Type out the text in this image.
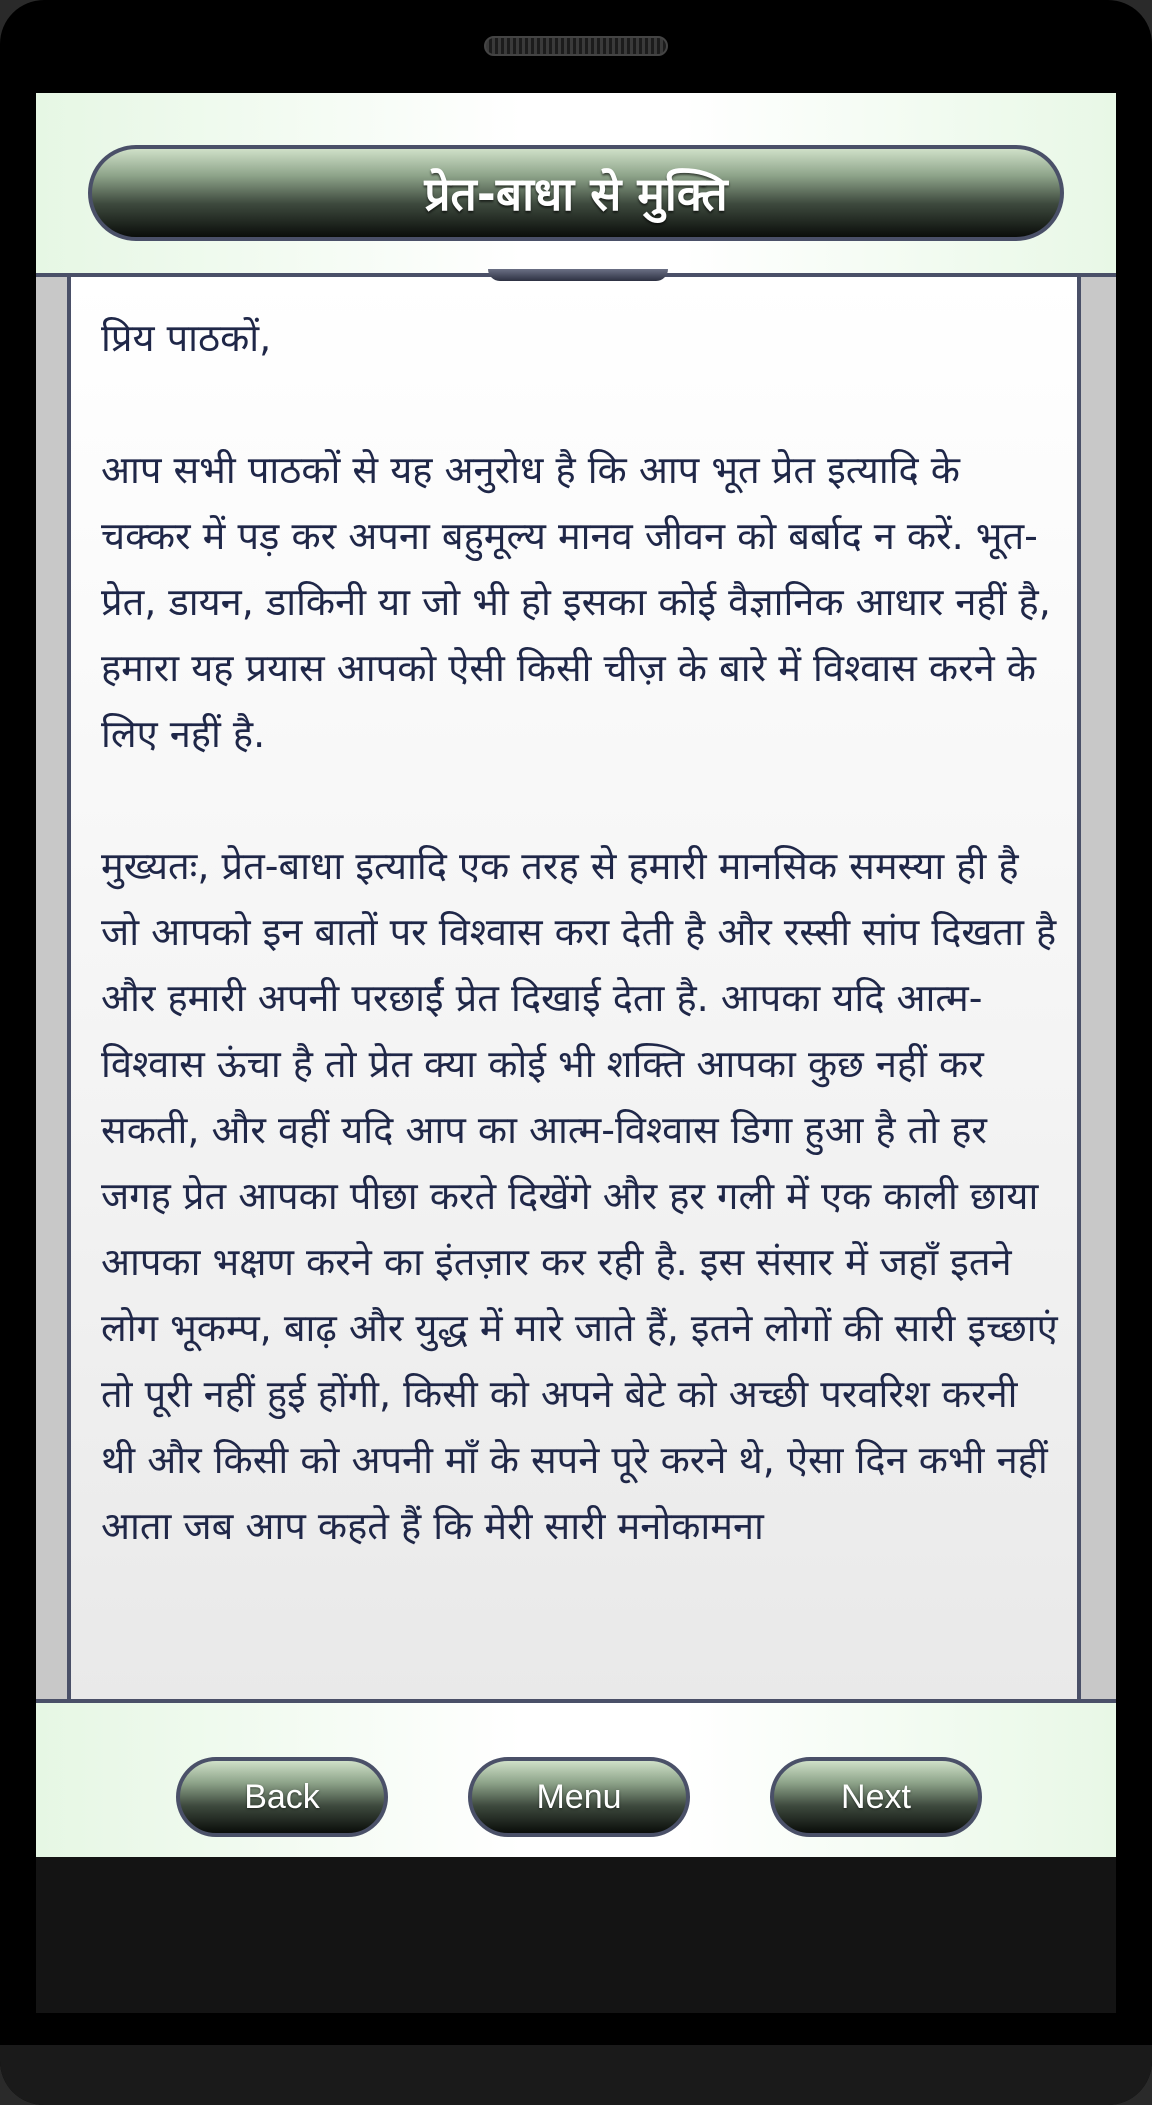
प्रेत-बाधा से मुक्ति

प्रिय पाठकों,

आप सभी पाठकों से यह अनुरोध है कि आप भूत प्रेत इत्यादि के चक्कर में पड़ कर अपना बहुमूल्य मानव जीवन को बर्बाद न करें. भूत-प्रेत, डायन, डाकिनी या जो भी हो इसका कोई वैज्ञानिक आधार नहीं है, हमारा यह प्रयास आपको ऐसी किसी चीज़ के बारे में विश्वास करने के लिए नहीं है.

मुख्यतः, प्रेत-बाधा इत्यादि एक तरह से हमारी मानसिक समस्या ही है जो आपको इन बातों पर विश्वास करा देती है और रस्सी सांप दिखता है और हमारी अपनी परछाईं प्रेत दिखाई देता है. आपका यदि आत्म-विश्वास ऊंचा है तो प्रेत क्या कोई भी शक्ति आपका कुछ नहीं कर सकती, और वहीं यदि आप का आत्म-विश्वास डिगा हुआ है तो हर जगह प्रेत आपका पीछा करते दिखेंगे और हर गली में एक काली छाया आपका भक्षण करने का इंतज़ार कर रही है. इस संसार में जहाँ इतने लोग भूकम्प, बाढ़ और युद्ध में मारे जाते हैं, इतने लोगों की सारी इच्छाएं तो पूरी नहीं हुई होंगी, किसी को अपने बेटे को अच्छी परवरिश करनी थी और किसी को अपनी माँ के सपने पूरे करने थे, ऐसा दिन कभी नहीं आता जब आप कहते हैं कि मेरी सारी मनोकामना

Back	Menu	Next
